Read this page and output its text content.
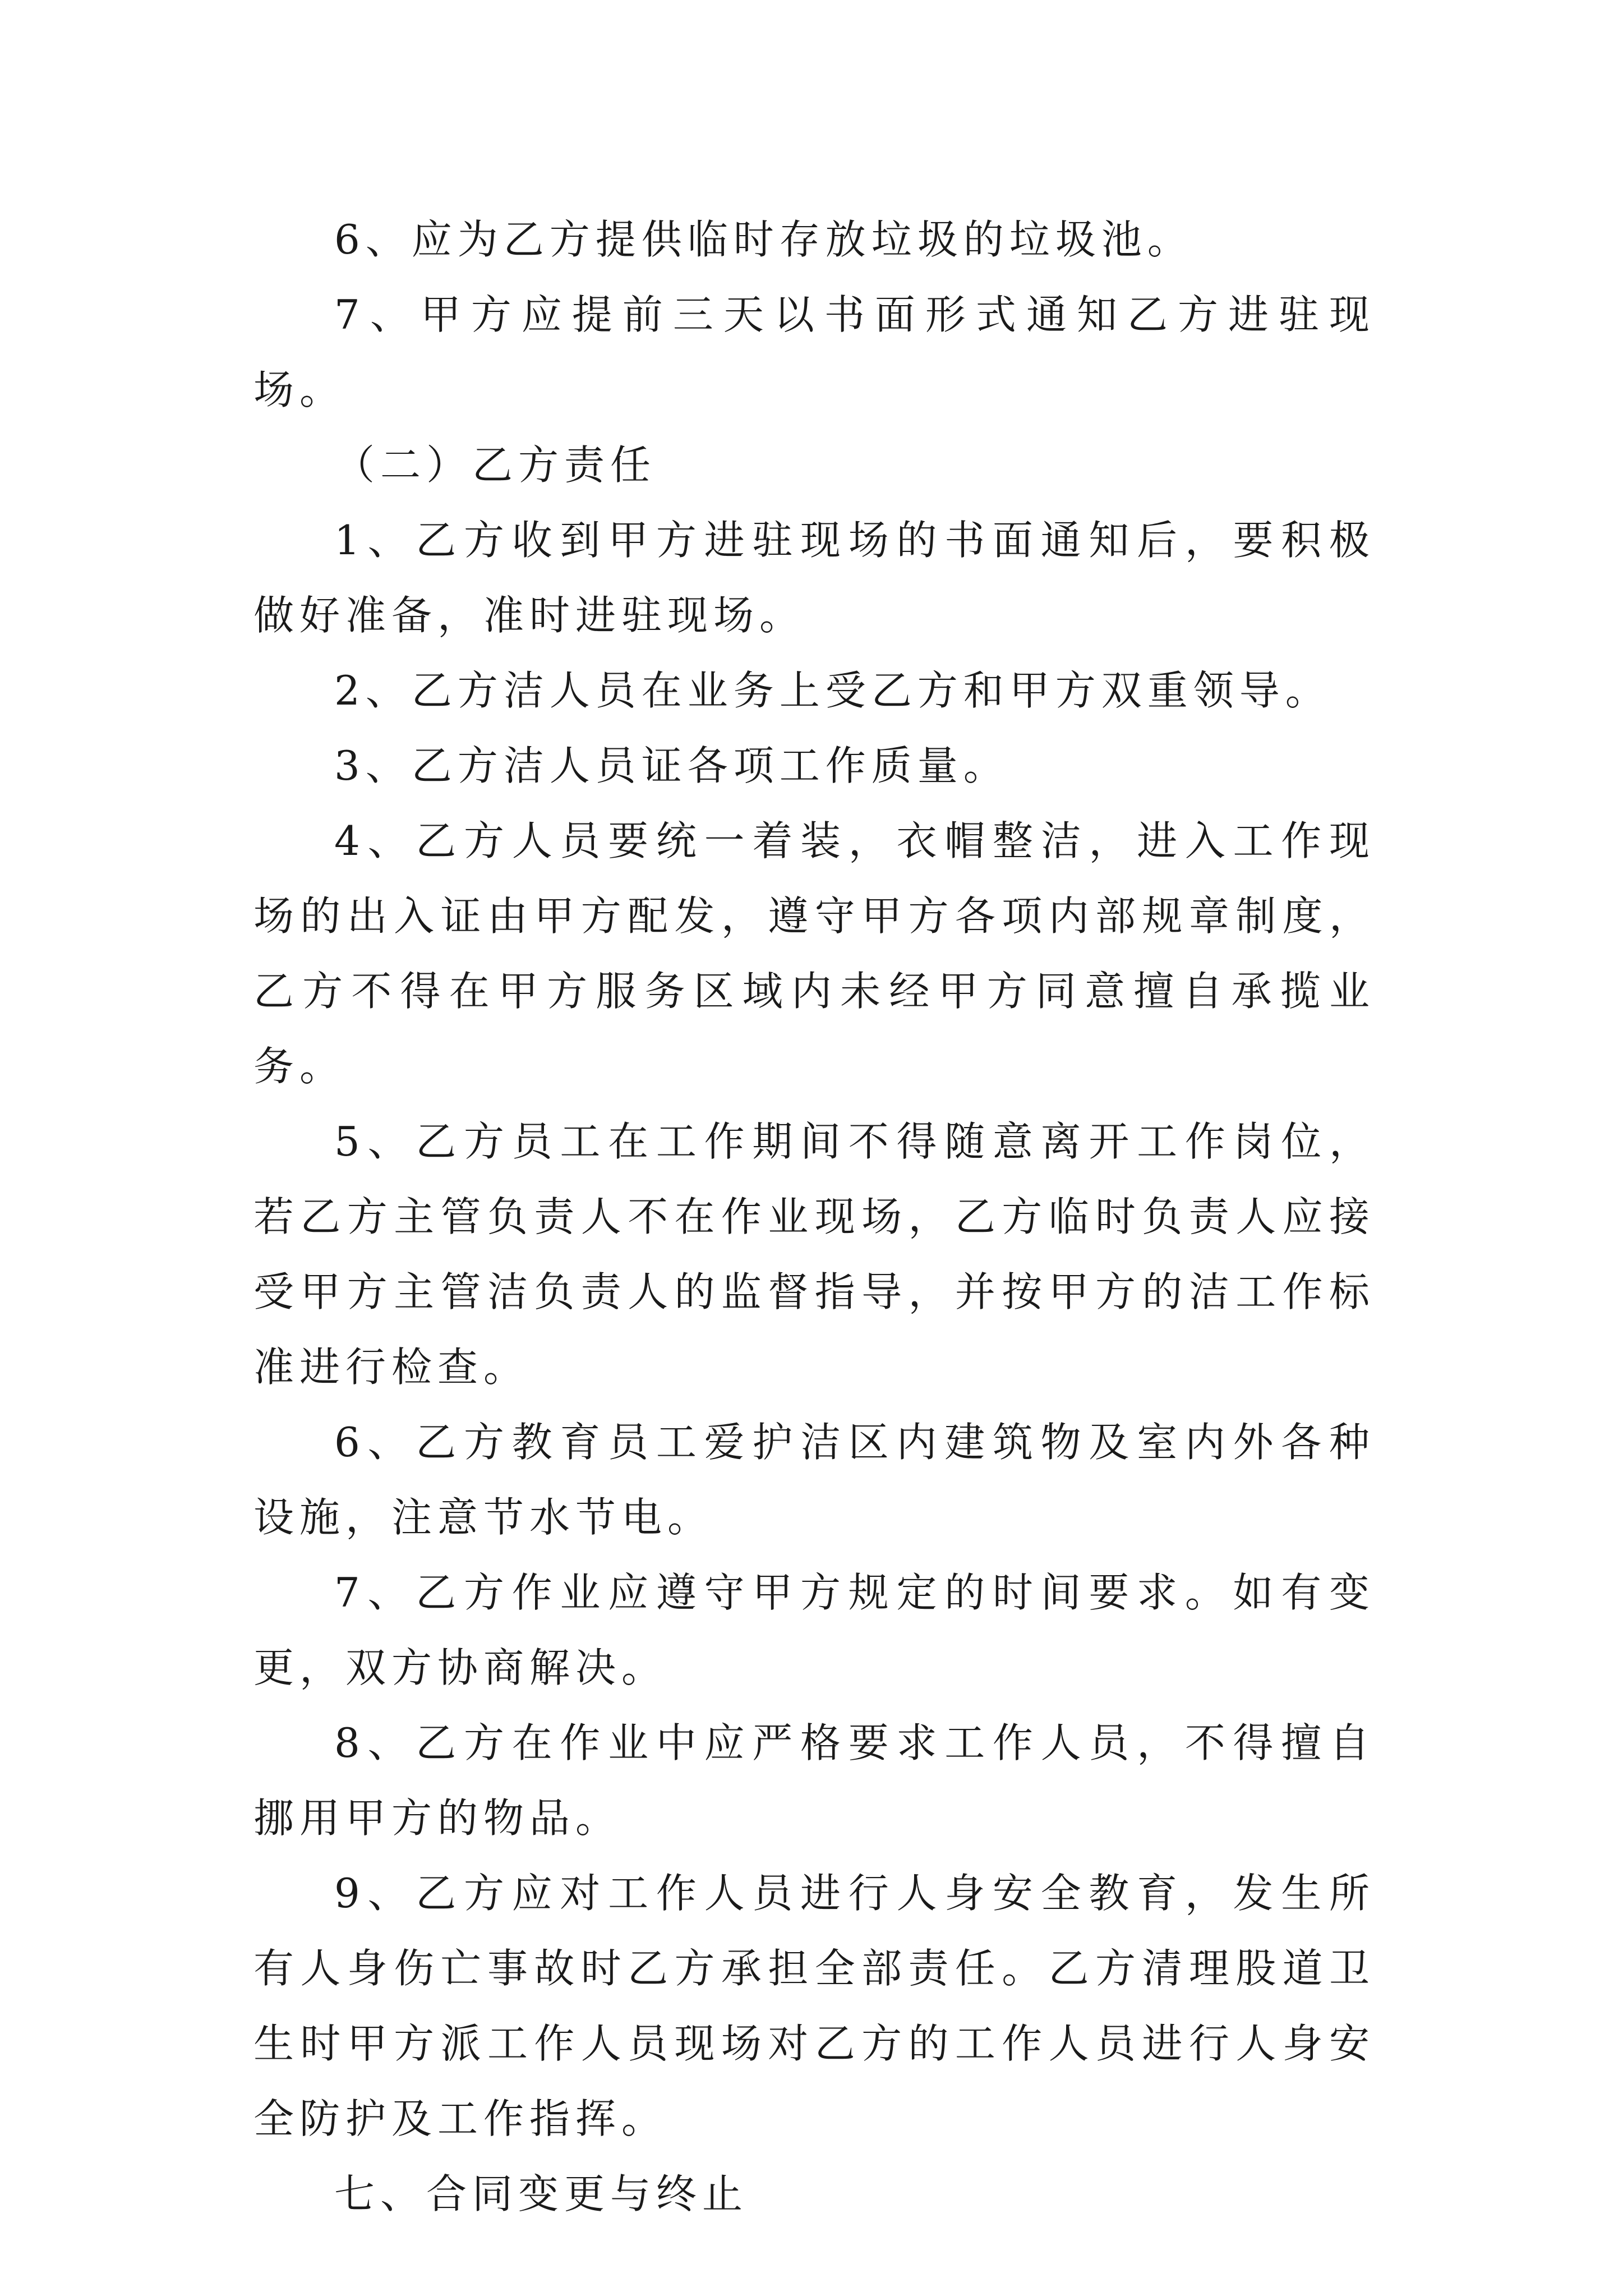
6、应为乙方提供临时存放垃圾的垃圾池。

7、甲方应提前三天以书面形式通知乙方进驻现场。

（二）乙方责任

1、乙方收到甲方进驻现场的书面通知后，要积极做好准备，准时进驻现场。

2、乙方洁人员在业务上受乙方和甲方双重领导。

3、乙方洁人员证各项工作质量。

4、乙方人员要统一着装，衣帽整洁，进入工作现场的出入证由甲方配发，遵守甲方各项内部规章制度，乙方不得在甲方服务区域内未经甲方同意擅自承揽业务。

5、乙方员工在工作期间不得随意离开工作岗位，若乙方主管负责人不在作业现场，乙方临时负责人应接受甲方主管洁负责人的监督指导，并按甲方的洁工作标准进行检查。

6、乙方教育员工爱护洁区内建筑物及室内外各种设施，注意节水节电。

7、乙方作业应遵守甲方规定的时间要求。如有变更，双方协商解决。

8、乙方在作业中应严格要求工作人员，不得擅自挪用甲方的物品。

9、乙方应对工作人员进行人身安全教育，发生所有人身伤亡事故时乙方承担全部责任。乙方清理股道卫生时甲方派工作人员现场对乙方的工作人员进行人身安全防护及工作指挥。

七、合同变更与终止
